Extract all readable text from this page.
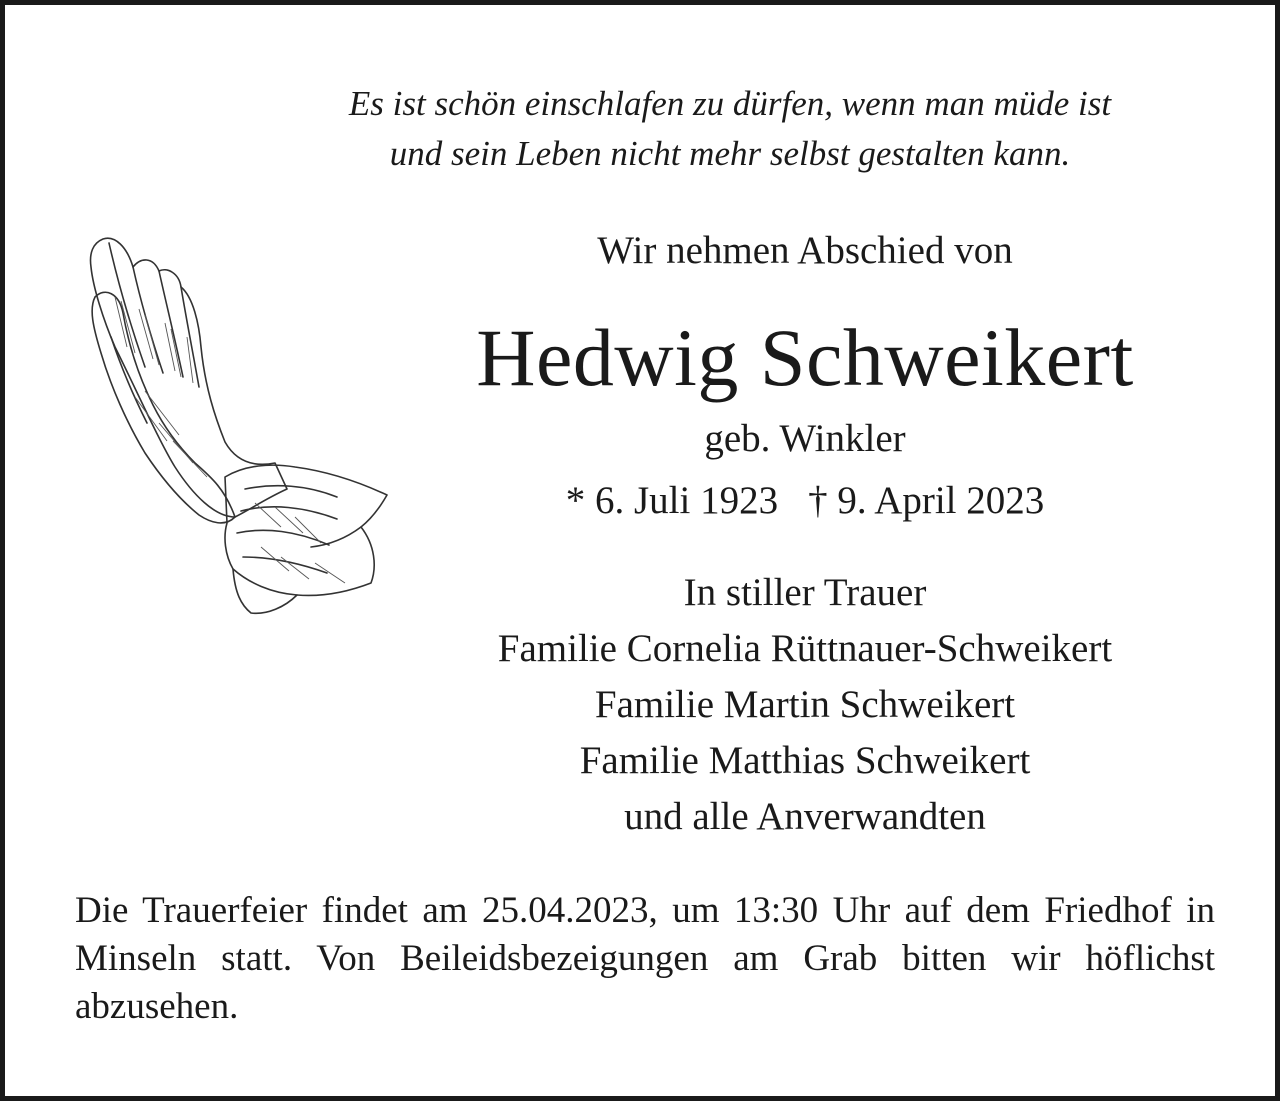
Es ist schön einschlafen zu dürfen, wenn man müde ist
und sein Leben nicht mehr selbst gestalten kann.
Wir nehmen Abschied von
Hedwig Schweikert
geb. Winkler
* 6. Juli 1923 † 9. April 2023
In stiller Trauer
Familie Cornelia Rüttnauer-Schweikert
Familie Martin Schweikert
Familie Matthias Schweikert
und alle Anverwandten
Die Trauerfeier findet am 25.04.2023, um 13:30 Uhr auf dem Friedhof in Minseln statt. Von Beileidsbezeigungen am Grab bitten wir höflichst abzusehen.
